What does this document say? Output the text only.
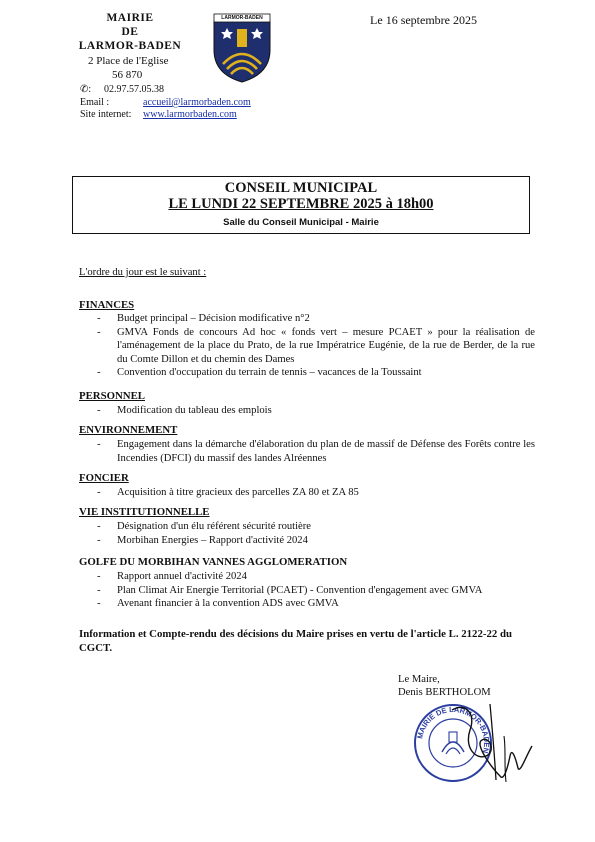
MAIRIE
DE
LARMOR-BADEN
2 Place de l'Eglise
56 870
✆: 02.97.57.05.38
Email :	accueil@larmorbaden.com
Site internet: www.larmorbaden.com
LARMOR-BADEN	Le 16 septembre 2025
CONSEIL MUNICIPAL
LE LUNDI 22 SEPTEMBRE 2025 à 18h00
Salle du Conseil Municipal - Mairie
L'ordre du jour est le suivant :
FINANCES
- Budget principal – Décision modificative n°2
- GMVA Fonds de concours Ad hoc « fonds vert – mesure PCAET » pour la réalisation de l'aménagement de la place du Prato, de la rue Impératrice Eugénie, de la rue de Berder, de la rue du Comte Dillon et du chemin des Dames
- Convention d'occupation du terrain de tennis – vacances de la Toussaint
PERSONNEL
- Modification du tableau des emplois
ENVIRONNEMENT
- Engagement dans la démarche d'élaboration du plan de de massif de Défense des Forêts contre les Incendies (DFCI) du massif des landes Alréennes
FONCIER
- Acquisition à titre gracieux des parcelles ZA 80 et ZA 85
VIE INSTITUTIONNELLE
- Désignation d'un élu référent sécurité routière
- Morbihan Energies – Rapport d'activité 2024
GOLFE DU MORBIHAN VANNES AGGLOMERATION
- Rapport annuel d'activité 2024
- Plan Climat Air Energie Territorial (PCAET) - Convention d'engagement avec GMVA
- Avenant financier à la convention ADS avec GMVA
Information et Compte-rendu des décisions du Maire prises en vertu de l'article L. 2122-22 du CGCT.
Le Maire,
Denis BERTHOLOM
MAIRIE DE LARMOR-BADEN
